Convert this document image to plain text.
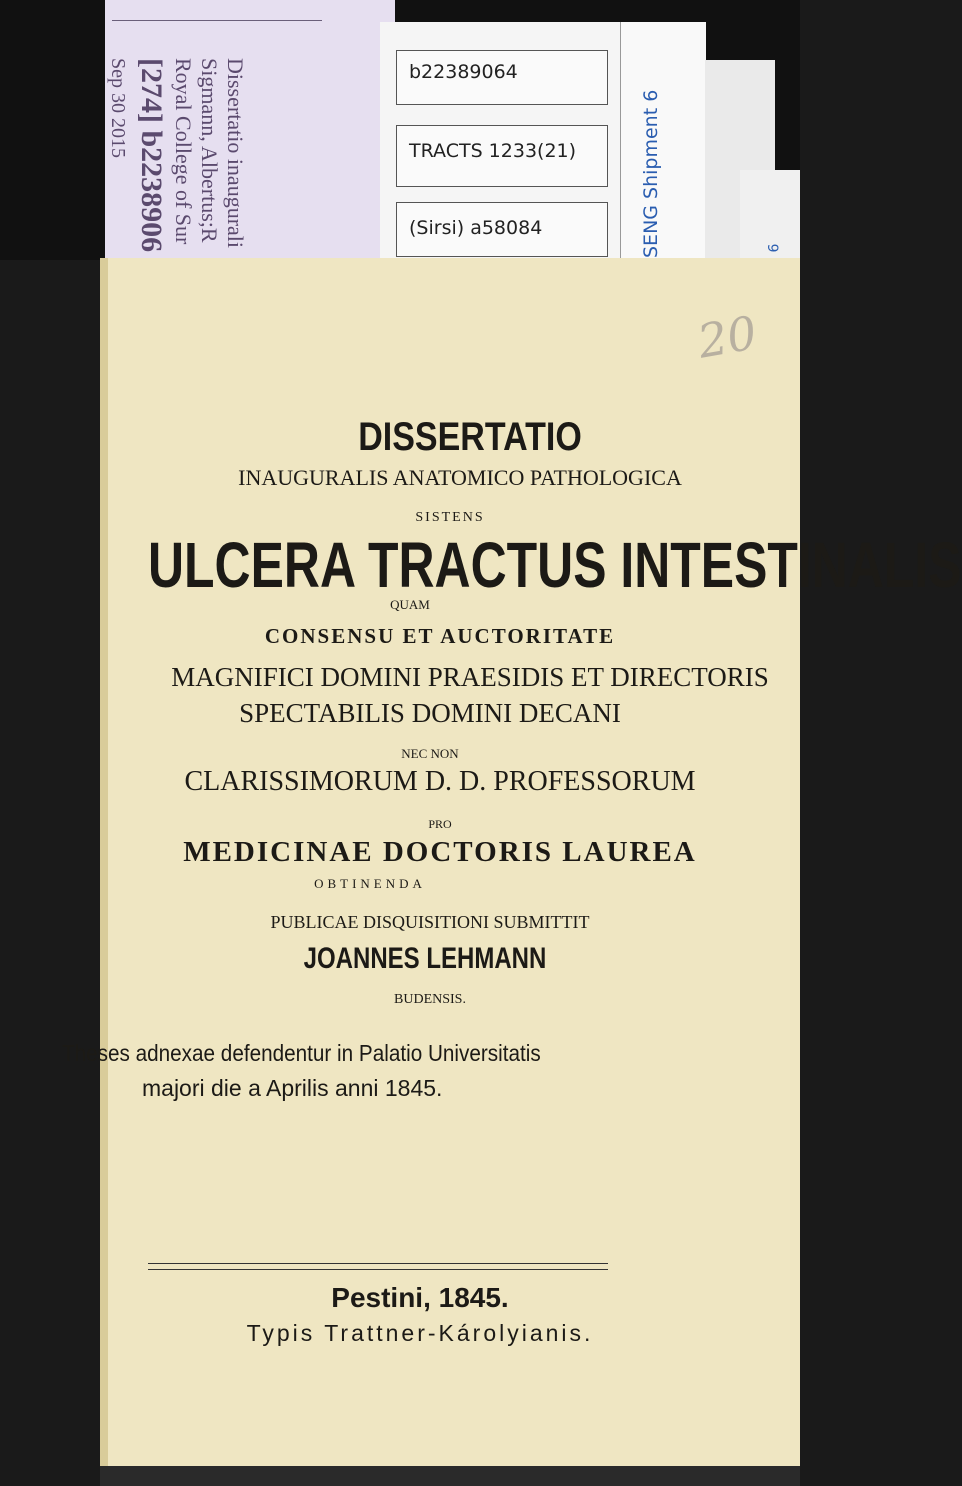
Dissertatio inaugurali
Sigmann, Albertus;R
Royal College of Sur
[274] b2238906
Sep 30 2015	b22389064
TRACTS 1233(21)
(Sirsi) a58084	SENG Shipment 6	6
20
DISSERTATIO
INAUGURALIS ANATOMICO PATHOLOGICA
SISTENS
ULCERA TRACTUS INTESTINALIS
QUAM
CONSENSU ET AUCTORITATE
MAGNIFICI DOMINI PRAESIDIS ET DIRECTORIS
SPECTABILIS DOMINI DECANI
NEC NON
CLARISSIMORUM D. D. PROFESSORUM
PRO
MEDICINAE DOCTORIS LAUREA
OBTINENDA
PUBLICAE DISQUISITIONI SUBMITTIT
JOANNES LEHMANN
BUDENSIS.
Theses adnexae defendentur in Palatio Universitatis
majori die a Aprilis anni 1845.
Pestini, 1845.
Typis Trattner-Károlyianis.
